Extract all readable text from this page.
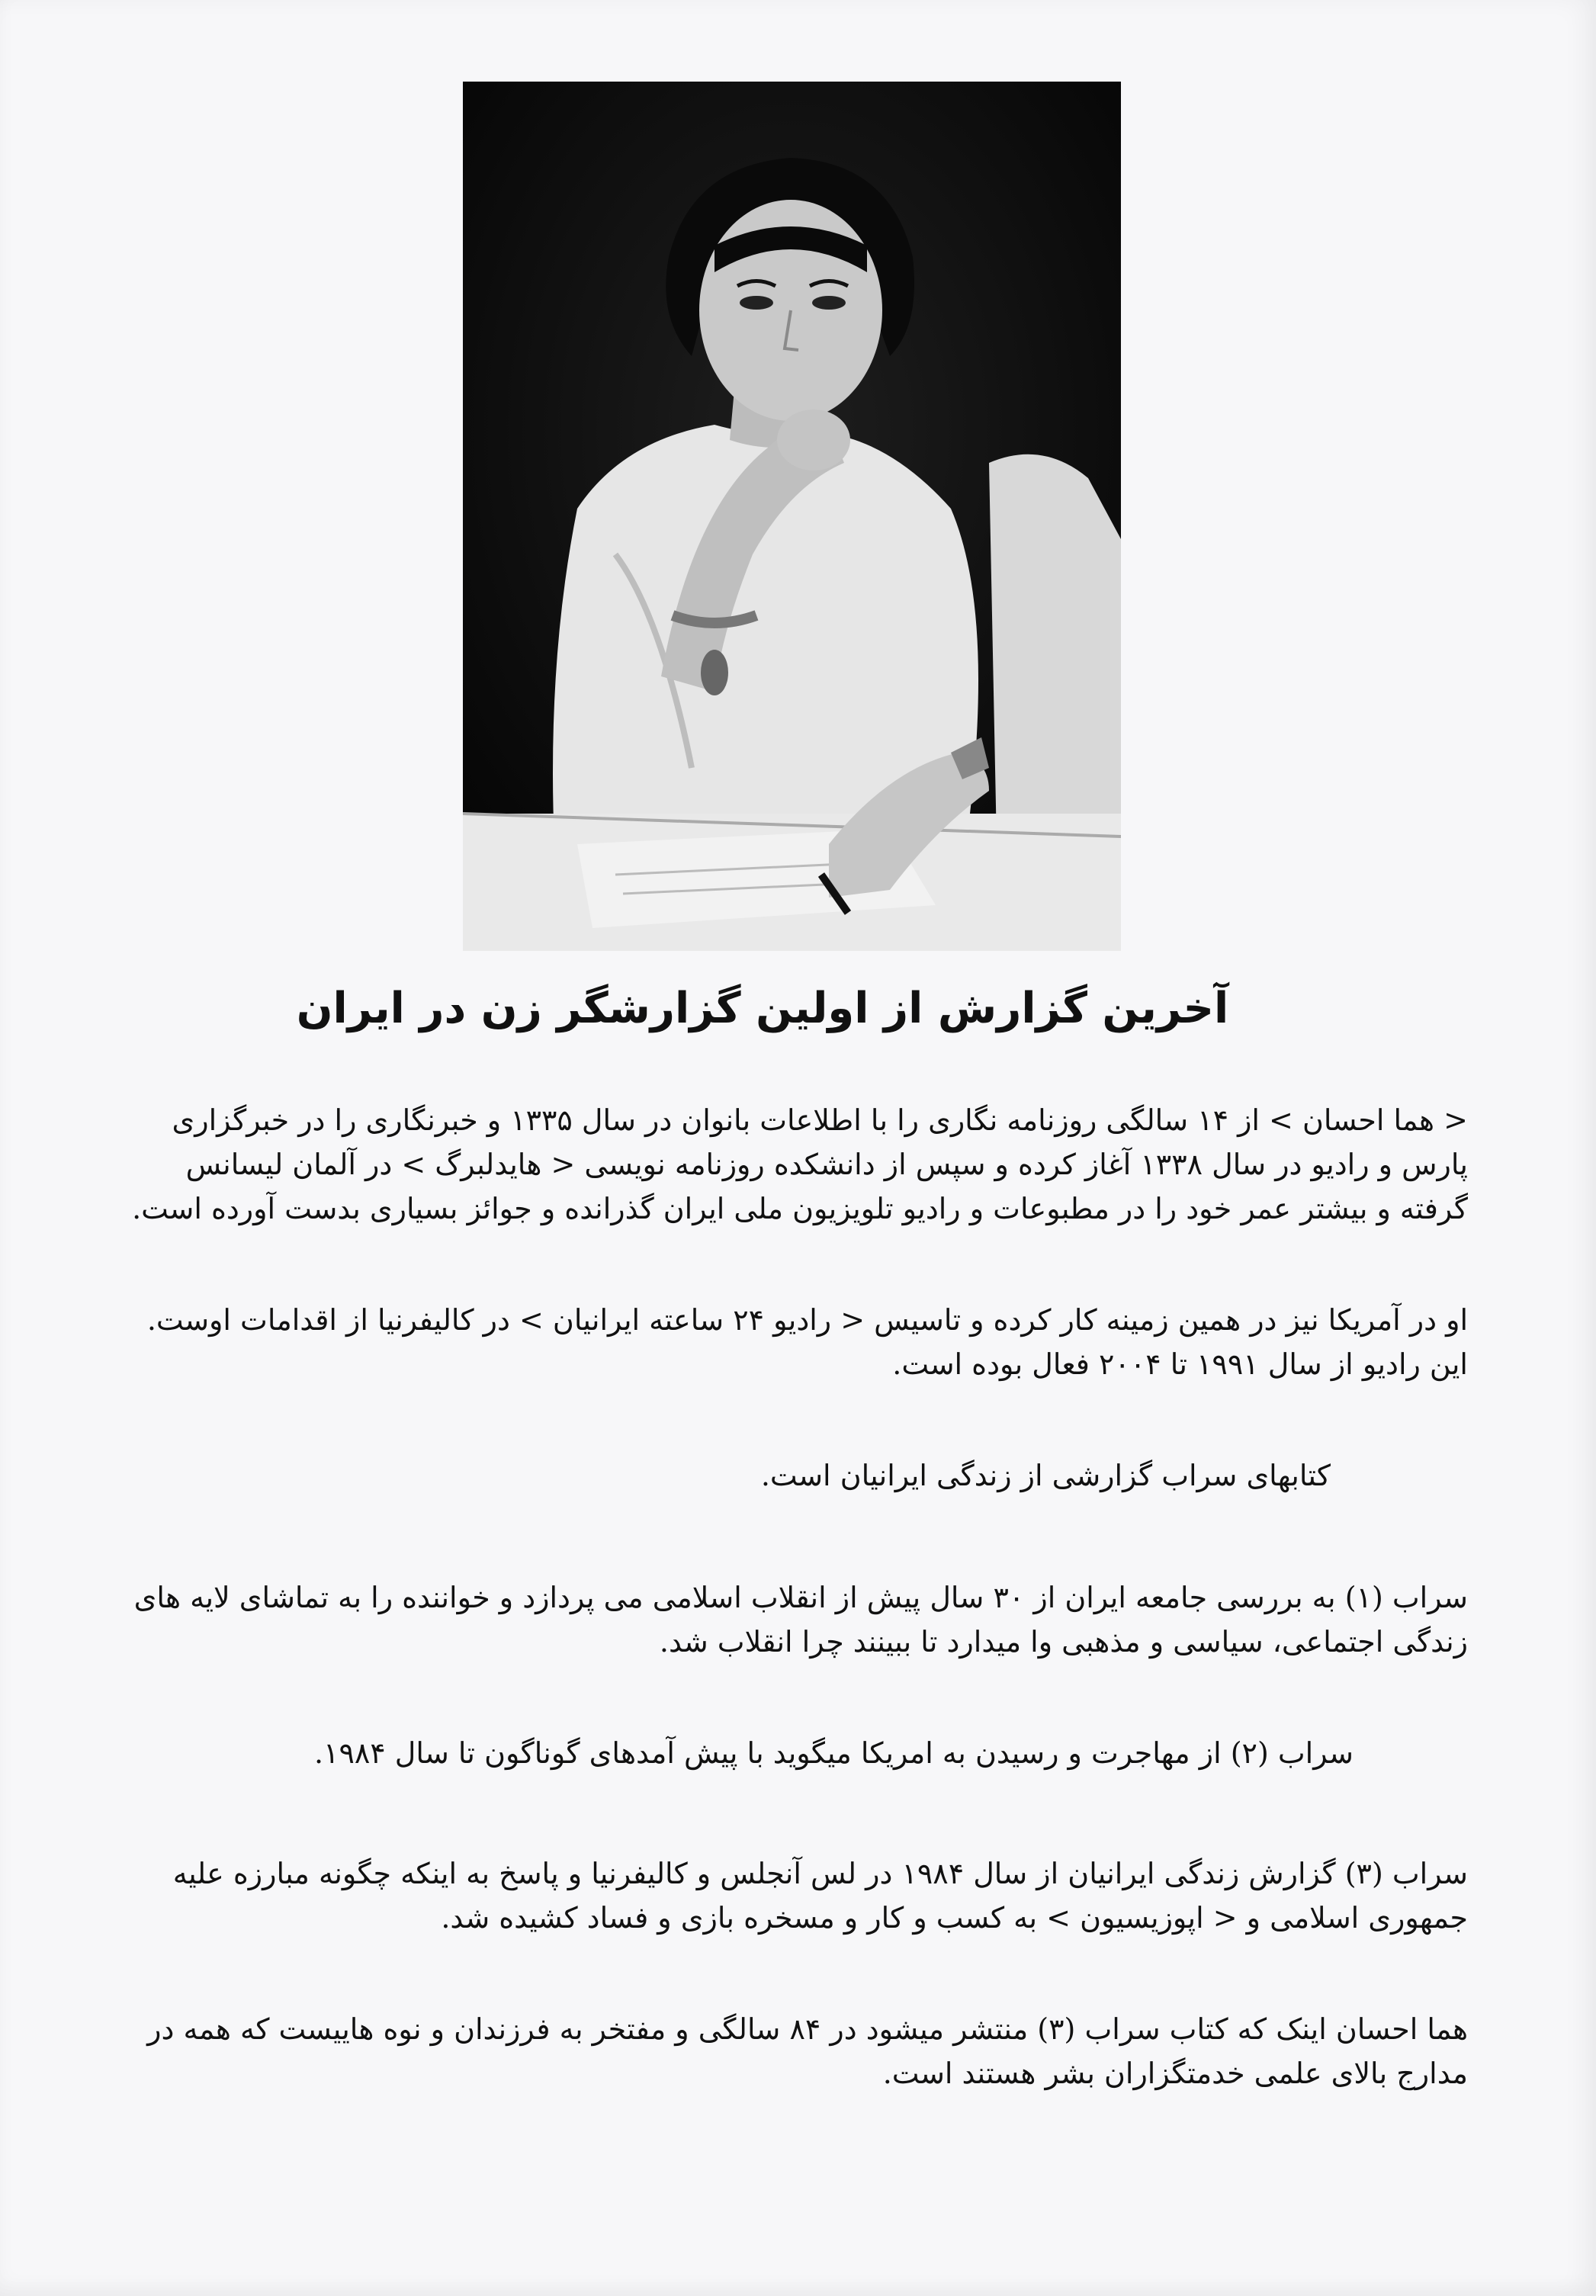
آخرین گزارش از اولین گزارشگر زن در ایران

< هما احسان > از ۱۴ سالگی روزنامه نگاری را با اطلاعات بانوان در سال ۱۳۳۵ و خبرنگاری را در خبرگزاری پارس و رادیو در سال ۱۳۳۸ آغاز کرده و سپس از دانشکده روزنامه نویسی < هایدلبرگ > در آلمان لیسانس گرفته و بیشتر عمر خود را در مطبوعات و رادیو تلویزیون ملی ایران گذرانده و جوائز بسیاری بدست آورده است.

او در آمریکا نیز در همین زمینه کار کرده و تاسیس < رادیو ۲۴ ساعته ایرانیان > در کالیفرنیا از اقدامات اوست. این رادیو از سال ۱۹۹۱ تا ۲۰۰۴ فعال بوده است.

کتابهای سراب گزارشی از زندگی ایرانیان است.

سراب (۱) به بررسی جامعه ایران از ۳۰ سال پیش از انقلاب اسلامی می پردازد و خواننده را به تماشای لایه های زندگی اجتماعی، سیاسی و مذهبی وا میدارد تا ببینند چرا انقلاب شد.

سراب (۲) از مهاجرت و رسیدن به امریکا میگوید با پیش آمدهای گوناگون تا سال ۱۹۸۴.

سراب (۳) گزارش زندگی ایرانیان از سال ۱۹۸۴ در لس آنجلس و کالیفرنیا و پاسخ به اینکه چگونه مبارزه علیه جمهوری اسلامی و < اپوزیسیون > به کسب و کار و مسخره بازی و فساد کشیده شد.

هما احسان اینک که کتاب سراب (۳) منتشر میشود در ۸۴ سالگی و مفتخر به فرزندان و نوه هاییست که همه در مدارج بالای علمی خدمتگزاران بشر هستند است.
